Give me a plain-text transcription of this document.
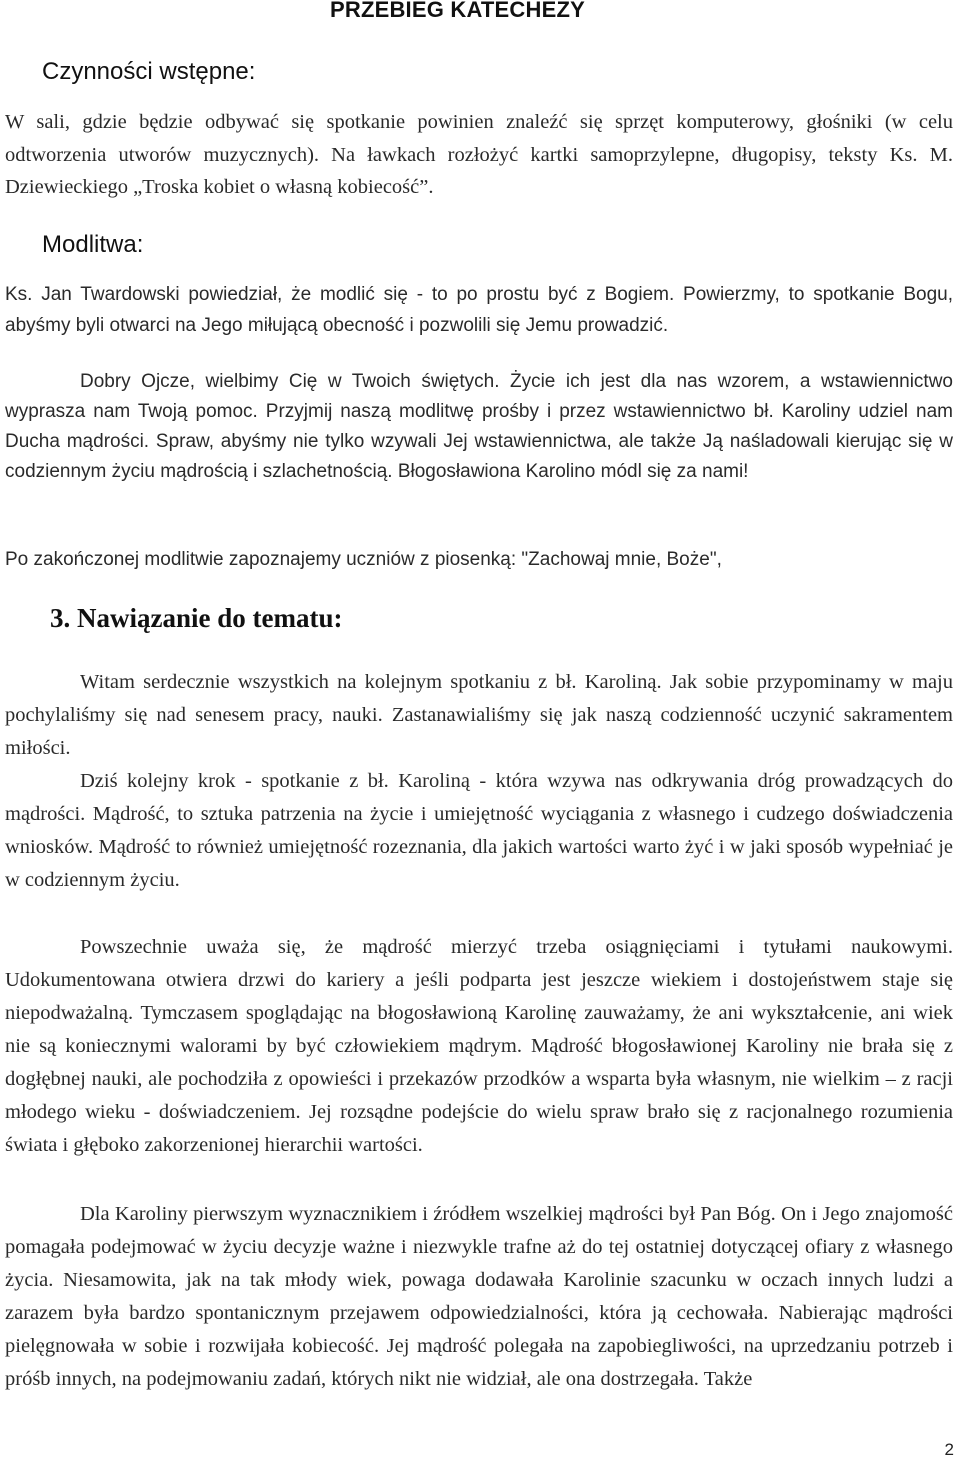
PRZEBIEG KATECHEZY
Czynności wstępne:

W sali, gdzie będzie odbywać się spotkanie powinien znaleźć się sprzęt komputerowy, głośniki (w celu odtworzenia utworów muzycznych). Na ławkach rozłożyć kartki samoprzylepne, długopisy, teksty Ks. M. Dziewieckiego „Troska kobiet o własną kobiecość”.

Modlitwa:

Ks. Jan Twardowski powiedział, że modlić się - to po prostu być z Bogiem. Powierzmy, to spotkanie Bogu, abyśmy byli otwarci na Jego miłującą obecność i pozwolili się Jemu prowadzić.

Dobry Ojcze, wielbimy Cię w Twoich świętych. Życie ich jest dla nas wzorem, a wstawiennictwo wyprasza nam Twoją pomoc. Przyjmij naszą modlitwę prośby i przez wstawiennictwo bł. Karoliny udziel nam Ducha mądrości. Spraw, abyśmy nie tylko wzywali Jej wstawiennictwa, ale także Ją naśladowali kierując się w codziennym życiu mądrością i szlachetnością. Błogosławiona Karolino módl się za nami!

Po zakończonej modlitwie zapoznajemy uczniów z piosenką: "Zachowaj mnie, Boże",

3. Nawiązanie do tematu:

Witam serdecznie wszystkich na kolejnym spotkaniu z bł. Karoliną. Jak sobie przypominamy w maju pochylaliśmy się nad senesem pracy, nauki. Zastanawialiśmy się jak naszą codzienność uczynić sakramentem miłości.

Dziś kolejny krok - spotkanie z bł. Karoliną - która wzywa nas odkrywania dróg prowadzących do mądrości. Mądrość, to sztuka patrzenia na życie i umiejętność wyciągania z własnego i cudzego doświadczenia wniosków. Mądrość to również umiejętność rozeznania, dla jakich wartości warto żyć i w jaki sposób wypełniać je w codziennym życiu.

Powszechnie uważa się, że mądrość mierzyć trzeba osiągnięciami i tytułami naukowymi. Udokumentowana otwiera drzwi do kariery a jeśli podparta jest jeszcze wiekiem i dostojeństwem staje się niepodważalną. Tymczasem spoglądając na błogosławioną Karolinę zauważamy, że ani wykształcenie, ani wiek nie są koniecznymi walorami by być człowiekiem mądrym. Mądrość błogosławionej Karoliny nie brała się z dogłębnej nauki, ale pochodziła z opowieści i przekazów przodków a wsparta była własnym, nie wielkim – z racji młodego wieku - doświadczeniem. Jej rozsądne podejście do wielu spraw brało się z racjonalnego rozumienia świata i głęboko zakorzenionej hierarchii wartości.

Dla Karoliny pierwszym wyznacznikiem i źródłem wszelkiej mądrości był Pan Bóg. On i Jego znajomość pomagała podejmować w życiu decyzje ważne i niezwykle trafne aż do tej ostatniej dotyczącej ofiary z własnego życia. Niesamowita, jak na tak młody wiek, powaga dodawała Karolinie szacunku w oczach innych ludzi a zarazem była bardzo spontanicznym przejawem odpowiedzialności, która ją cechowała. Nabierając mądrości pielęgnowała w sobie i rozwijała kobiecość. Jej mądrość polegała na zapobiegliwości, na uprzedzaniu potrzeb i próśb innych, na podejmowaniu zadań, których nikt nie widział, ale ona dostrzegała. Także

2
